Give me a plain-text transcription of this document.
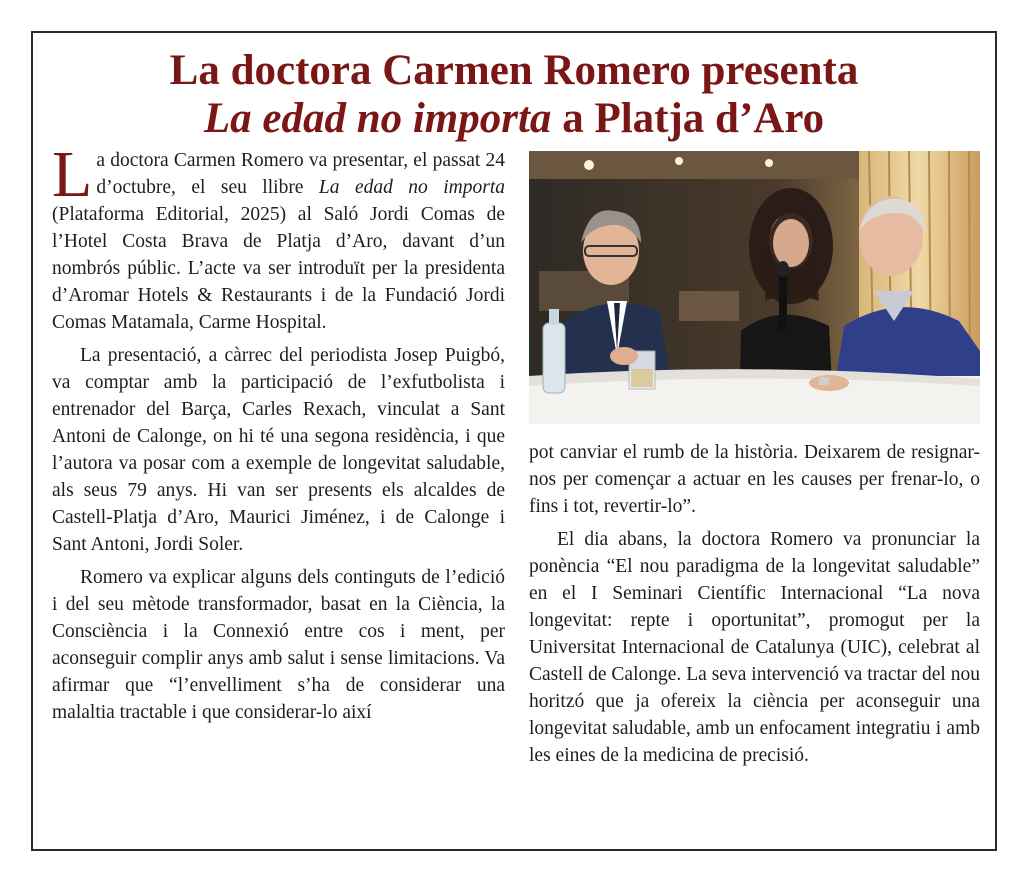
La doctora Carmen Romero presenta
La edad no importa a Platja d’Aro

La doctora Carmen Romero va presentar, el passat 24 d’octubre, el seu llibre La edad no importa (Plataforma Editorial, 2025) al Saló Jordi Comas de l’Hotel Costa Brava de Platja d’Aro, davant d’un nombrós públic. L’acte va ser introduït per la presidenta d’Aromar Hotels & Restaurants i de la Fundació Jordi Comas Matamala, Carme Hospital.

La presentació, a càrrec del periodista Josep Puigbó, va comptar amb la participació de l’exfutbolista i entrenador del Barça, Carles Rexach, vinculat a Sant Antoni de Calonge, on hi té una segona residència, i que l’autora va posar com a exemple de longevitat saludable, als seus 79 anys. Hi van ser presents els alcaldes de Castell-Platja d’Aro, Maurici Jiménez, i de Calonge i Sant Antoni, Jordi Soler.

Romero va explicar alguns dels continguts de l’edició i del seu mètode transformador, basat en la Ciència, la Consciència i la Connexió entre cos i ment, per aconseguir complir anys amb salut i sense limitacions. Va afirmar que “l’envelliment s’ha de considerar una malaltia tractable i que considerar-lo així

pot canviar el rumb de la història. Deixarem de resignar-nos per començar a actuar en les causes per frenar-lo, o fins i tot, revertir-lo”.

El dia abans, la doctora Romero va pronunciar la ponència “El nou paradigma de la longevitat saludable” en el I Seminari Científic Internacional “La nova longevitat: repte i oportunitat”, promogut per la Universitat Internacional de Catalunya (UIC), celebrat al Castell de Calonge. La seva intervenció va tractar del nou horitzó que ja ofereix la ciència per aconseguir una longevitat saludable, amb un enfocament integratiu i amb les eines de la medicina de precisió.
